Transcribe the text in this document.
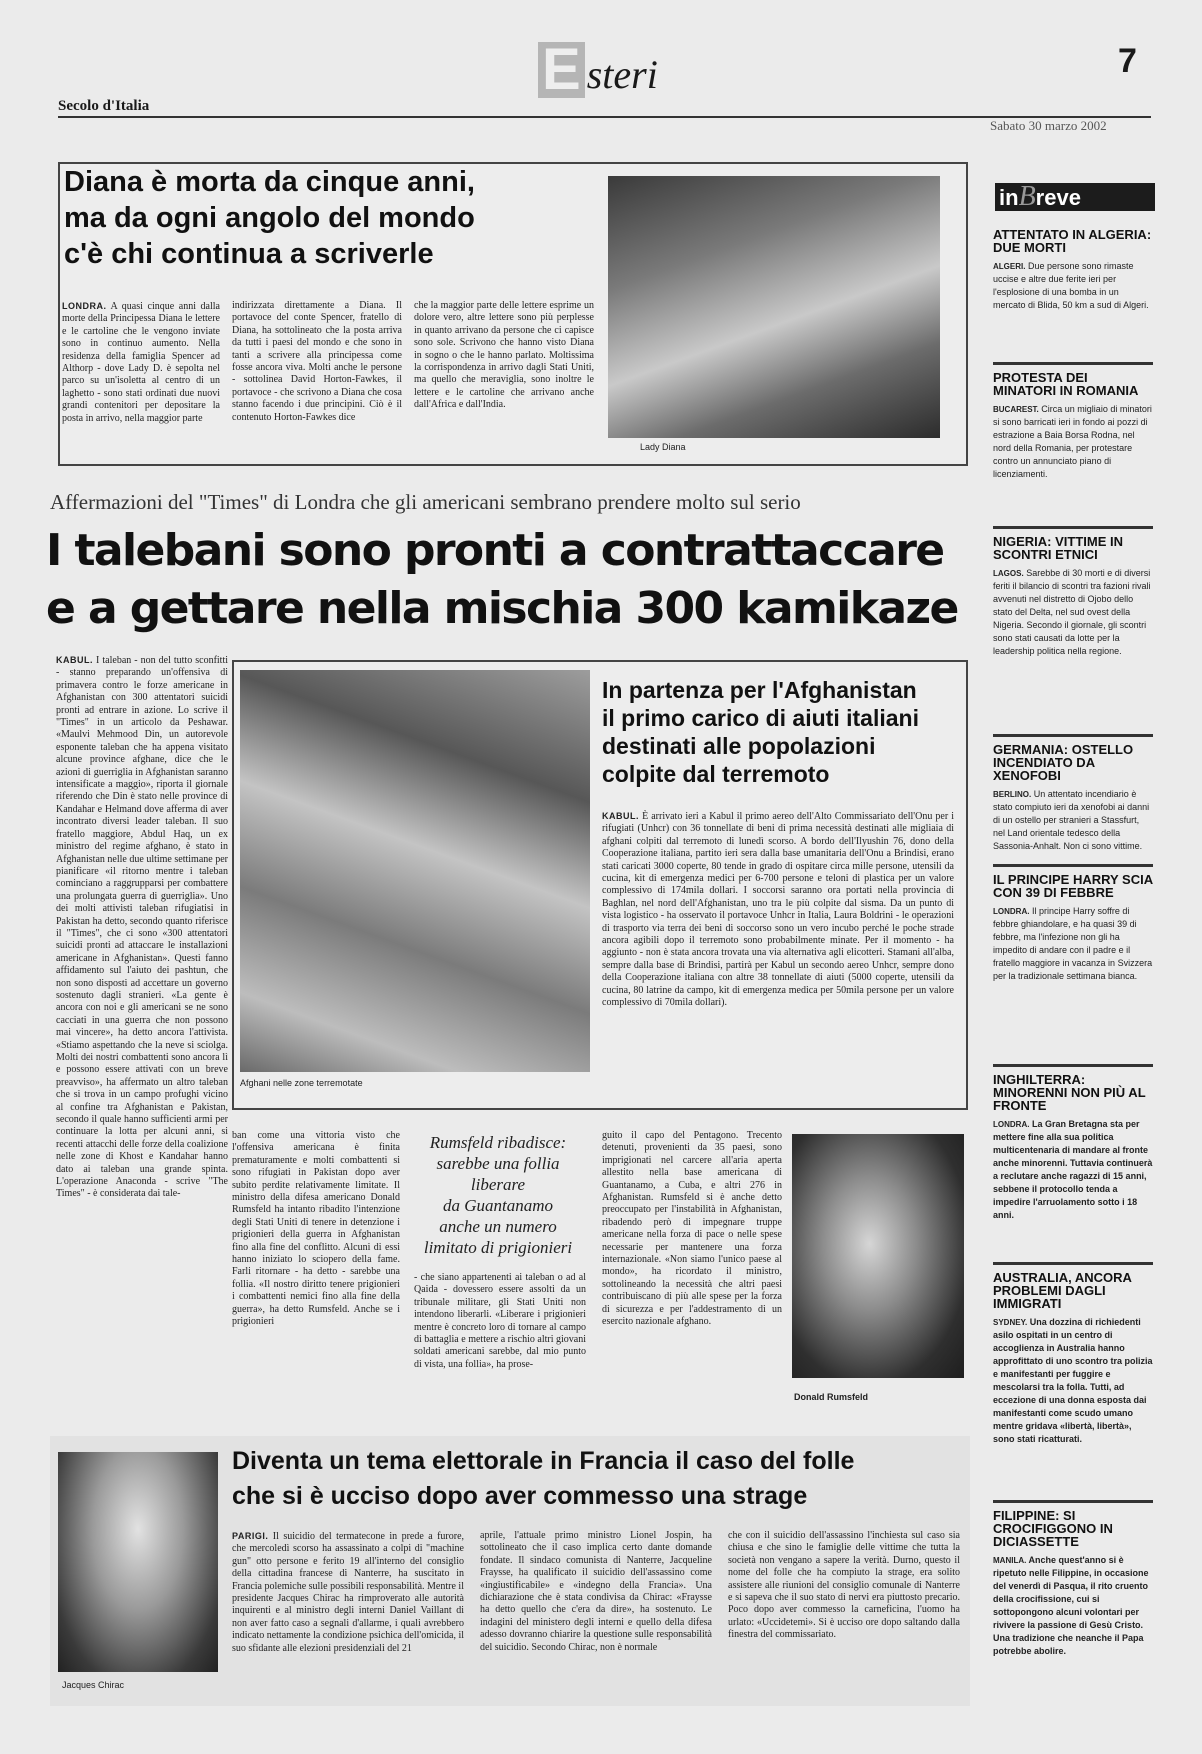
Secolo d'Italia
E steri	7
Sabato 30 marzo 2002
Diana è morta da cinque anni,
ma da ogni angolo del mondo
c'è chi continua a scriverle
LONDRA. A quasi cinque anni dalla morte della Principessa Diana le lettere e le cartoline che le vengono inviate sono in continuo aumento. Nella residenza della famiglia Spencer ad Althorp - dove Lady D. è sepolta nel parco su un'isoletta al centro di un laghetto - sono stati ordinati due nuovi grandi contenitori per depositare la posta in arrivo, nella maggior parte
indirizzata direttamente a Diana. Il portavoce del conte Spencer, fratello di Diana, ha sottolineato che la posta arriva da tutti i paesi del mondo e che sono in tanti a scrivere alla principessa come fosse ancora viva. Molti anche le persone - sottolinea David Horton-Fawkes, il portavoce - che scrivono a Diana che cosa stanno facendo i due principini. Ciò è il contenuto Horton-Fawkes dice
che la maggior parte delle lettere esprime un dolore vero, altre lettere sono più perplesse in quanto arrivano da persone che ci capisce sono sole. Scrivono che hanno visto Diana in sogno o che le hanno parlato. Moltissima la corrispondenza in arrivo dagli Stati Uniti, ma quello che meraviglia, sono inoltre le lettere e le cartoline che arrivano anche dall'Africa e dall'India.
Lady Diana
Affermazioni del "Times" di Londra che gli americani sembrano prendere molto sul serio
I talebani sono pronti a contrattaccare
e a gettare nella mischia 300 kamikaze
KABUL. I taleban - non del tutto sconfitti - stanno preparando un'offensiva di primavera contro le forze americane in Afghanistan con 300 attentatori suicidi pronti ad entrare in azione. Lo scrive il "Times" in un articolo da Peshawar. «Maulvi Mehmood Din, un autorevole esponente taleban che ha appena visitato alcune province afghane, dice che le azioni di guerriglia in Afghanistan saranno intensificate a maggio», riporta il giornale riferendo che Din è stato nelle province di Kandahar e Helmand dove afferma di aver incontrato diversi leader taleban. Il suo fratello maggiore, Abdul Haq, un ex ministro del regime afghano, è stato in Afghanistan nelle due ultime settimane per pianificare «il ritorno mentre i taleban cominciano a raggrupparsi per combattere una prolungata guerra di guerriglia». Uno dei molti attivisti taleban rifugiatisi in Pakistan ha detto, secondo quanto riferisce il "Times", che ci sono «300 attentatori suicidi pronti ad attaccare le installazioni americane in Afghanistan». Questi fanno affidamento sul l'aiuto dei pashtun, che non sono disposti ad accettare un governo sostenuto dagli stranieri. «La gente è ancora con noi e gli americani se ne sono cacciati in una guerra che non possono mai vincere», ha detto ancora l'attivista. «Stiamo aspettando che la neve si sciolga. Molti dei nostri combattenti sono ancora lì e possono essere attivati con un breve preavviso», ha affermato un altro taleban che si trova in un campo profughi vicino al confine tra Afghanistan e Pakistan, secondo il quale hanno sufficienti armi per continuare la lotta per alcuni anni, si recenti attacchi delle forze della coalizione nelle zone di Khost e Kandahar hanno dato ai taleban una grande spinta. L'operazione Anaconda - scrive "The Times" - è considerata dai tale-
Afghani nelle zone terremotate
In partenza per l'Afghanistan
il primo carico di aiuti italiani
destinati alle popolazioni
colpite dal terremoto
KABUL. È arrivato ieri a Kabul il primo aereo dell'Alto Commissariato dell'Onu per i rifugiati (Unhcr) con 36 tonnellate di beni di prima necessità destinati alle migliaia di afghani colpiti dal terremoto di lunedì scorso. A bordo dell'Ilyushin 76, dono della Cooperazione italiana, partito ieri sera dalla base umanitaria dell'Onu a Brindisi, erano stati caricati 3000 coperte, 80 tende in grado di ospitare circa mille persone, utensili da cucina, kit di emergenza medici per 6-700 persone e teloni di plastica per un valore complessivo di 174mila dollari. I soccorsi saranno ora portati nella provincia di Baghlan, nel nord dell'Afghanistan, uno tra le più colpite dal sisma. Da un punto di vista logistico - ha osservato il portavoce Unhcr in Italia, Laura Boldrini - le operazioni di trasporto via terra dei beni di soccorso sono un vero incubo perché le poche strade ancora agibili dopo il terremoto sono probabilmente minate. Per il momento - ha aggiunto - non è stata ancora trovata una via alternativa agli elicotteri. Stamani all'alba, sempre dalla base di Brindisi, partirà per Kabul un secondo aereo Unhcr, sempre dono della Cooperazione italiana con altre 38 tonnellate di aiuti (5000 coperte, utensili da cucina, 80 latrine da campo, kit di emergenza medica per 50mila persone per un valore complessivo di 70mila dollari).
ban come una vittoria visto che l'offensiva americana è finita prematuramente e molti combattenti si sono rifugiati in Pakistan dopo aver subito perdite relativamente limitate. Il ministro della difesa americano Donald Rumsfeld ha intanto ribadito l'intenzione degli Stati Uniti di tenere in detenzione i prigionieri della guerra in Afghanistan fino alla fine del conflitto. Alcuni di essi hanno iniziato lo sciopero della fame. Farli ritornare - ha detto - sarebbe una follia. «Il nostro diritto tenere prigionieri i combattenti nemici fino alla fine della guerra», ha detto Rumsfeld. Anche se i prigionieri
Rumsfeld ribadisce:
sarebbe una follia
liberare
da Guantanamo
anche un numero
limitato di prigionieri
- che siano appartenenti ai taleban o ad al Qaida - dovessero essere assolti da un tribunale militare, gli Stati Uniti non intendono liberarli. «Liberare i prigionieri mentre è concreto loro di tornare al campo di battaglia e mettere a rischio altri giovani soldati americani sarebbe, dal mio punto di vista, una follia», ha prose-
guito il capo del Pentagono. Trecento detenuti, provenienti da 35 paesi, sono imprigionati nel carcere all'aria aperta allestito nella base americana di Guantanamo, a Cuba, e altri 276 in Afghanistan. Rumsfeld si è anche detto preoccupato per l'instabilità in Afghanistan, ribadendo però di impegnare truppe americane nella forza di pace o nelle spese necessarie per mantenere una forza internazionale. «Non siamo l'unico paese al mondo», ha ricordato il ministro, sottolineando la necessità che altri paesi contribuiscano di più alle spese per la forza di sicurezza e per l'addestramento di un esercito nazionale afghano.
Donald Rumsfeld
Jacques Chirac
Diventa un tema elettorale in Francia il caso del folle
che si è ucciso dopo aver commesso una strage
PARIGI. Il suicidio del termatecone in prede a furore, che mercoledì scorso ha assassinato a colpi di "machine gun" otto persone e ferito 19 all'interno del consiglio della cittadina francese di Nanterre, ha suscitato in Francia polemiche sulle possibili responsabilità. Mentre il presidente Jacques Chirac ha rimproverato alle autorità inquirenti e al ministro degli interni Daniel Vaillant di non aver fatto caso a segnali d'allarme, i quali avrebbero indicato nettamente la condizione psichica dell'omicida, il suo sfidante alle elezioni presidenziali del 21
aprile, l'attuale primo ministro Lionel Jospin, ha sottolineato che il caso implica certo dante domande fondate. Il sindaco comunista di Nanterre, Jacqueline Fraysse, ha qualificato il suicidio dell'assassino come «ingiustificabile» e «indegno della Francia». Una dichiarazione che è stata condivisa da Chirac: «Fraysse ha detto quello che c'era da dire», ha sostenuto. Le indagini del ministero degli interni e quello della difesa adesso dovranno chiarire la questione sulle responsabilità del suicidio. Secondo Chirac, non è normale
che con il suicidio dell'assassino l'inchiesta sul caso sia chiusa e che sino le famiglie delle vittime che tutta la società non vengano a sapere la verità. Durno, questo il nome del folle che ha compiuto la strage, era solito assistere alle riunioni del consiglio comunale di Nanterre e si sapeva che il suo stato di nervi era piuttosto precario. Poco dopo aver commesso la carneficina, l'uomo ha urlato: «Uccidetemi». Si è ucciso ore dopo saltando dalla finestra del commissariato.
inBreve
ATTENTATO IN ALGERIA: DUE MORTI
ALGERI. Due persone sono rimaste uccise e altre due ferite ieri per l'esplosione di una bomba in un mercato di Blida, 50 km a sud di Algeri.
PROTESTA DEI MINATORI IN ROMANIA
BUCAREST. Circa un migliaio di minatori si sono barricati ieri in fondo ai pozzi di estrazione a Baia Borsa Rodna, nel nord della Romania, per protestare contro un annunciato piano di licenziamenti.
NIGERIA: VITTIME IN SCONTRI ETNICI
LAGOS. Sarebbe di 30 morti e di diversi feriti il bilancio di scontri tra fazioni rivali avvenuti nel distretto di Ojobo dello stato del Delta, nel sud ovest della Nigeria. Secondo il giornale, gli scontri sono stati causati da lotte per la leadership politica nella regione.
GERMANIA: OSTELLO INCENDIATO DA XENOFOBI
BERLINO. Un attentato incendiario è stato compiuto ieri da xenofobi ai danni di un ostello per stranieri a Stassfurt, nel Land orientale tedesco della Sassonia-Anhalt. Non ci sono vittime.
IL PRINCIPE HARRY SCIA CON 39 DI FEBBRE
LONDRA. Il principe Harry soffre di febbre ghiandolare, e ha quasi 39 di febbre, ma l'infezione non gli ha impedito di andare con il padre e il fratello maggiore in vacanza in Svizzera per la tradizionale settimana bianca.
INGHILTERRA: MINORENNI NON PIÙ AL FRONTE
LONDRA. La Gran Bretagna sta per mettere fine alla sua politica multicentenaria di mandare al fronte anche minorenni. Tuttavia continuerà a reclutare anche ragazzi di 15 anni, sebbene il protocollo tenda a impedire l'arruolamento sotto i 18 anni.
AUSTRALIA, ANCORA PROBLEMI DAGLI IMMIGRATI
SYDNEY. Una dozzina di richiedenti asilo ospitati in un centro di accoglienza in Australia hanno approfittato di uno scontro tra polizia e manifestanti per fuggire e mescolarsi tra la folla. Tutti, ad eccezione di una donna esposta dai manifestanti come scudo umano mentre gridava «libertà, libertà», sono stati ricatturati.
FILIPPINE: SI CROCIFIGGONO IN DICIASSETTE
MANILA. Anche quest'anno si è ripetuto nelle Filippine, in occasione del venerdì di Pasqua, il rito cruento della crocifissione, cui si sottopongono alcuni volontari per rivivere la passione di Gesù Cristo. Una tradizione che neanche il Papa potrebbe abolire.
